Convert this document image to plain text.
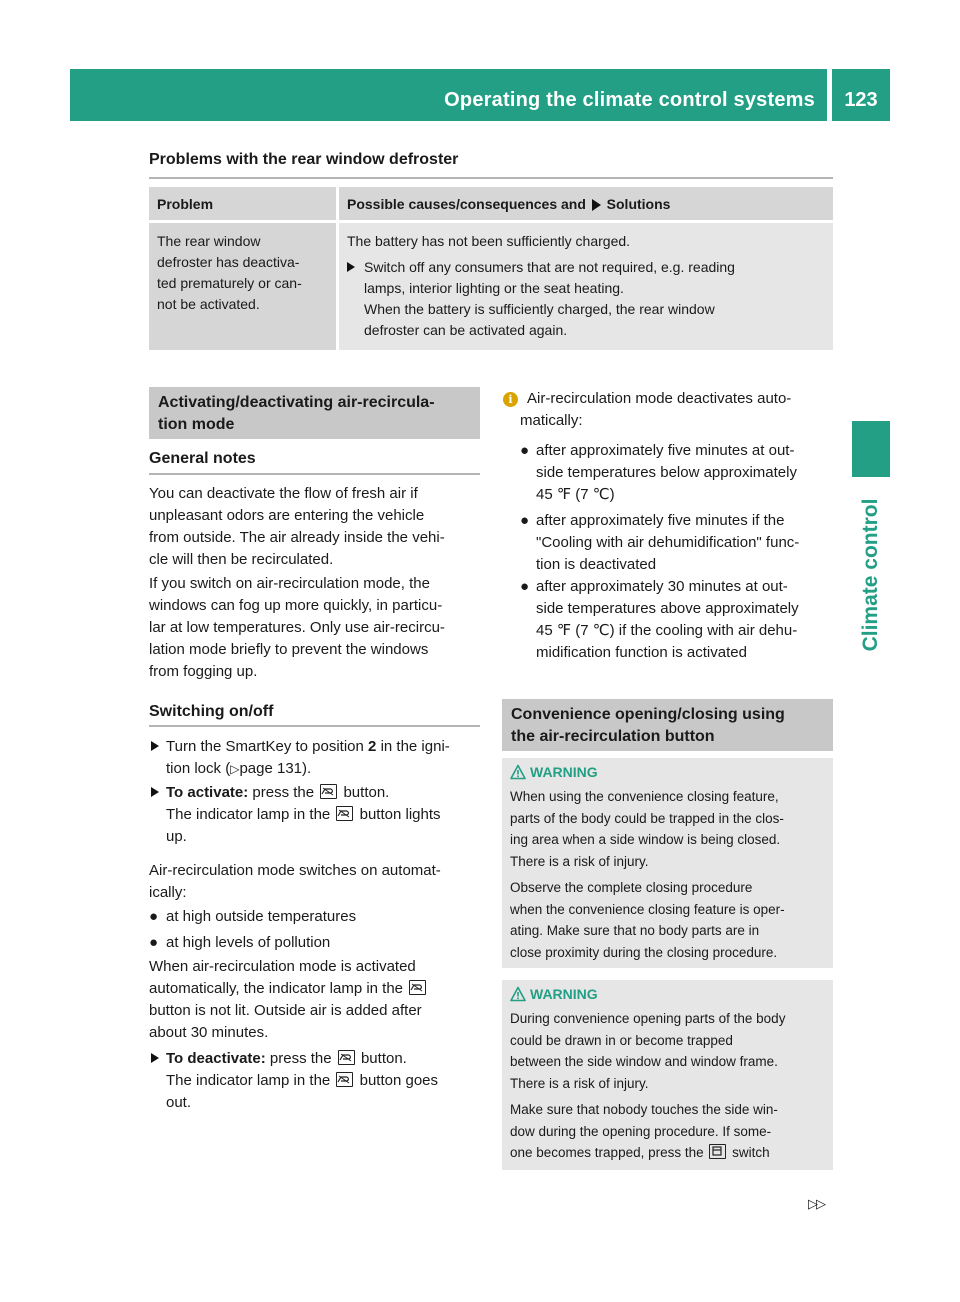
Operating the climate control systems	123
Climate control
Problems with the rear window defroster
Problem	Possible causes/consequences and Solutions
The rear window
defroster has deactiva-
ted prematurely or can-
not be activated.
The battery has not been sufficiently charged.
Switch off any consumers that are not required, e.g. reading
lamps, interior lighting or the seat heating.
When the battery is sufficiently charged, the rear window
defroster can be activated again.
Activating/deactivating air-recircula-
tion mode
General notes
You can deactivate the flow of fresh air if
unpleasant odors are entering the vehicle
from outside. The air already inside the vehi-
cle will then be recirculated.
If you switch on air-recirculation mode, the
windows can fog up more quickly, in particu-
lar at low temperatures. Only use air-recircu-
lation mode briefly to prevent the windows
from fogging up.
Switching on/off
Turn the SmartKey to position 2 in the igni-
tion lock (▷page 131).
To activate: press the button.
The indicator lamp in the button lights
up.
Air-recirculation mode switches on automat-
ically:
● at high outside temperatures
● at high levels of pollution
When air-recirculation mode is activated
automatically, the indicator lamp in the
button is not lit. Outside air is added after
about 30 minutes.
To deactivate: press the button.
The indicator lamp in the button goes
out.
i Air-recirculation mode deactivates auto-
matically:
● after approximately five minutes at out-
side temperatures below approximately
45 ℉ (7 ℃)
● after approximately five minutes if the
"Cooling with air dehumidification" func-
tion is deactivated
● after approximately 30 minutes at out-
side temperatures above approximately
45 ℉ (7 ℃) if the cooling with air dehu-
midification function is activated
Convenience opening/closing using
the air-recirculation button
WARNING
When using the convenience closing feature,
parts of the body could be trapped in the clos-
ing area when a side window is being closed.
There is a risk of injury.
Observe the complete closing procedure
when the convenience closing feature is oper-
ating. Make sure that no body parts are in
close proximity during the closing procedure.
WARNING
During convenience opening parts of the body
could be drawn in or become trapped
between the side window and window frame.
There is a risk of injury.
Make sure that nobody touches the side win-
dow during the opening procedure. If some-
one becomes trapped, press the switch
▷▷
